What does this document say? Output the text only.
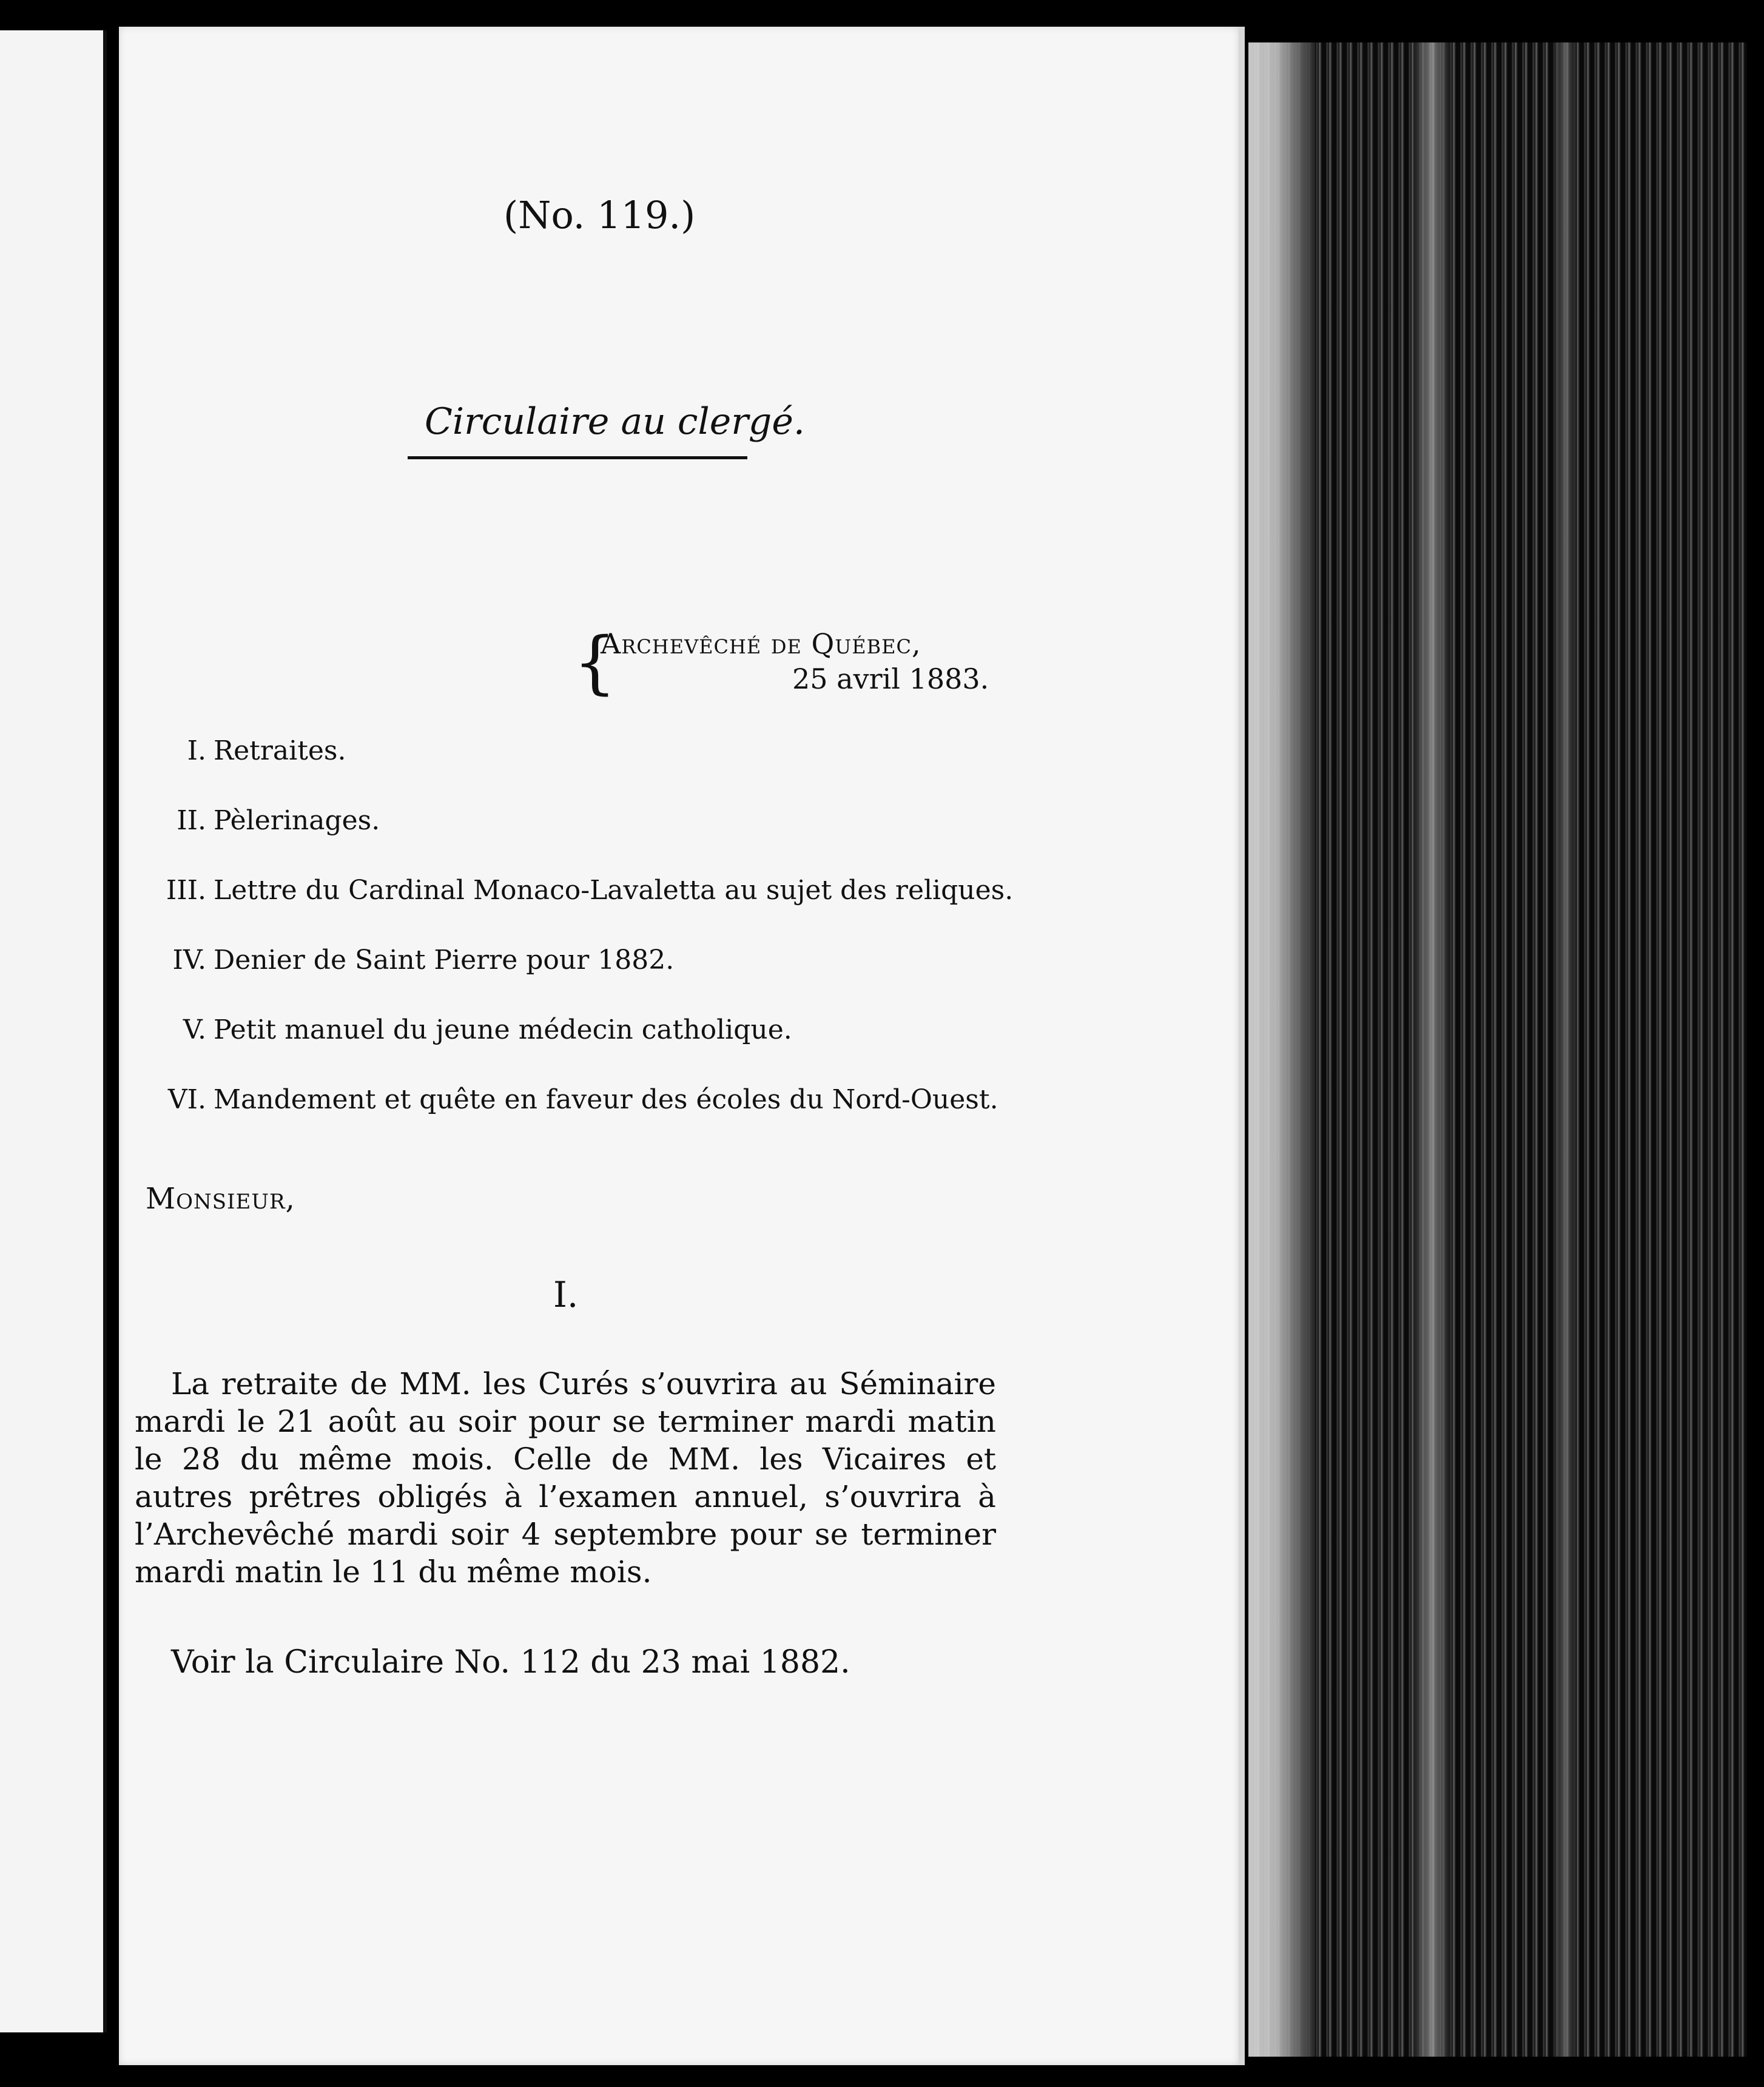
(No. 119.)

Circulaire au clergé.

{

Archevêché de Québec,

25 avril 1883.

I. Retraites.
II. Pèlerinages.
III. Lettre du Cardinal Monaco-Lavaletta au sujet des reliques.
IV. Denier de Saint Pierre pour 1882.
V. Petit manuel du jeune médecin catholique.
VI. Mandement et quête en faveur des écoles du Nord-Ouest.

Monsieur,

I.

La retraite de MM. les Curés s’ouvrira au Séminaire mardi le 21 août au soir pour se terminer mardi matin le 28 du même mois. Celle de MM. les Vicaires et autres prêtres obligés à l’examen annuel, s’ouvrira à l’Archevêché mardi soir 4 septembre pour se terminer mardi matin le 11 du même mois.

Voir la Circulaire No. 112 du 23 mai 1882.
